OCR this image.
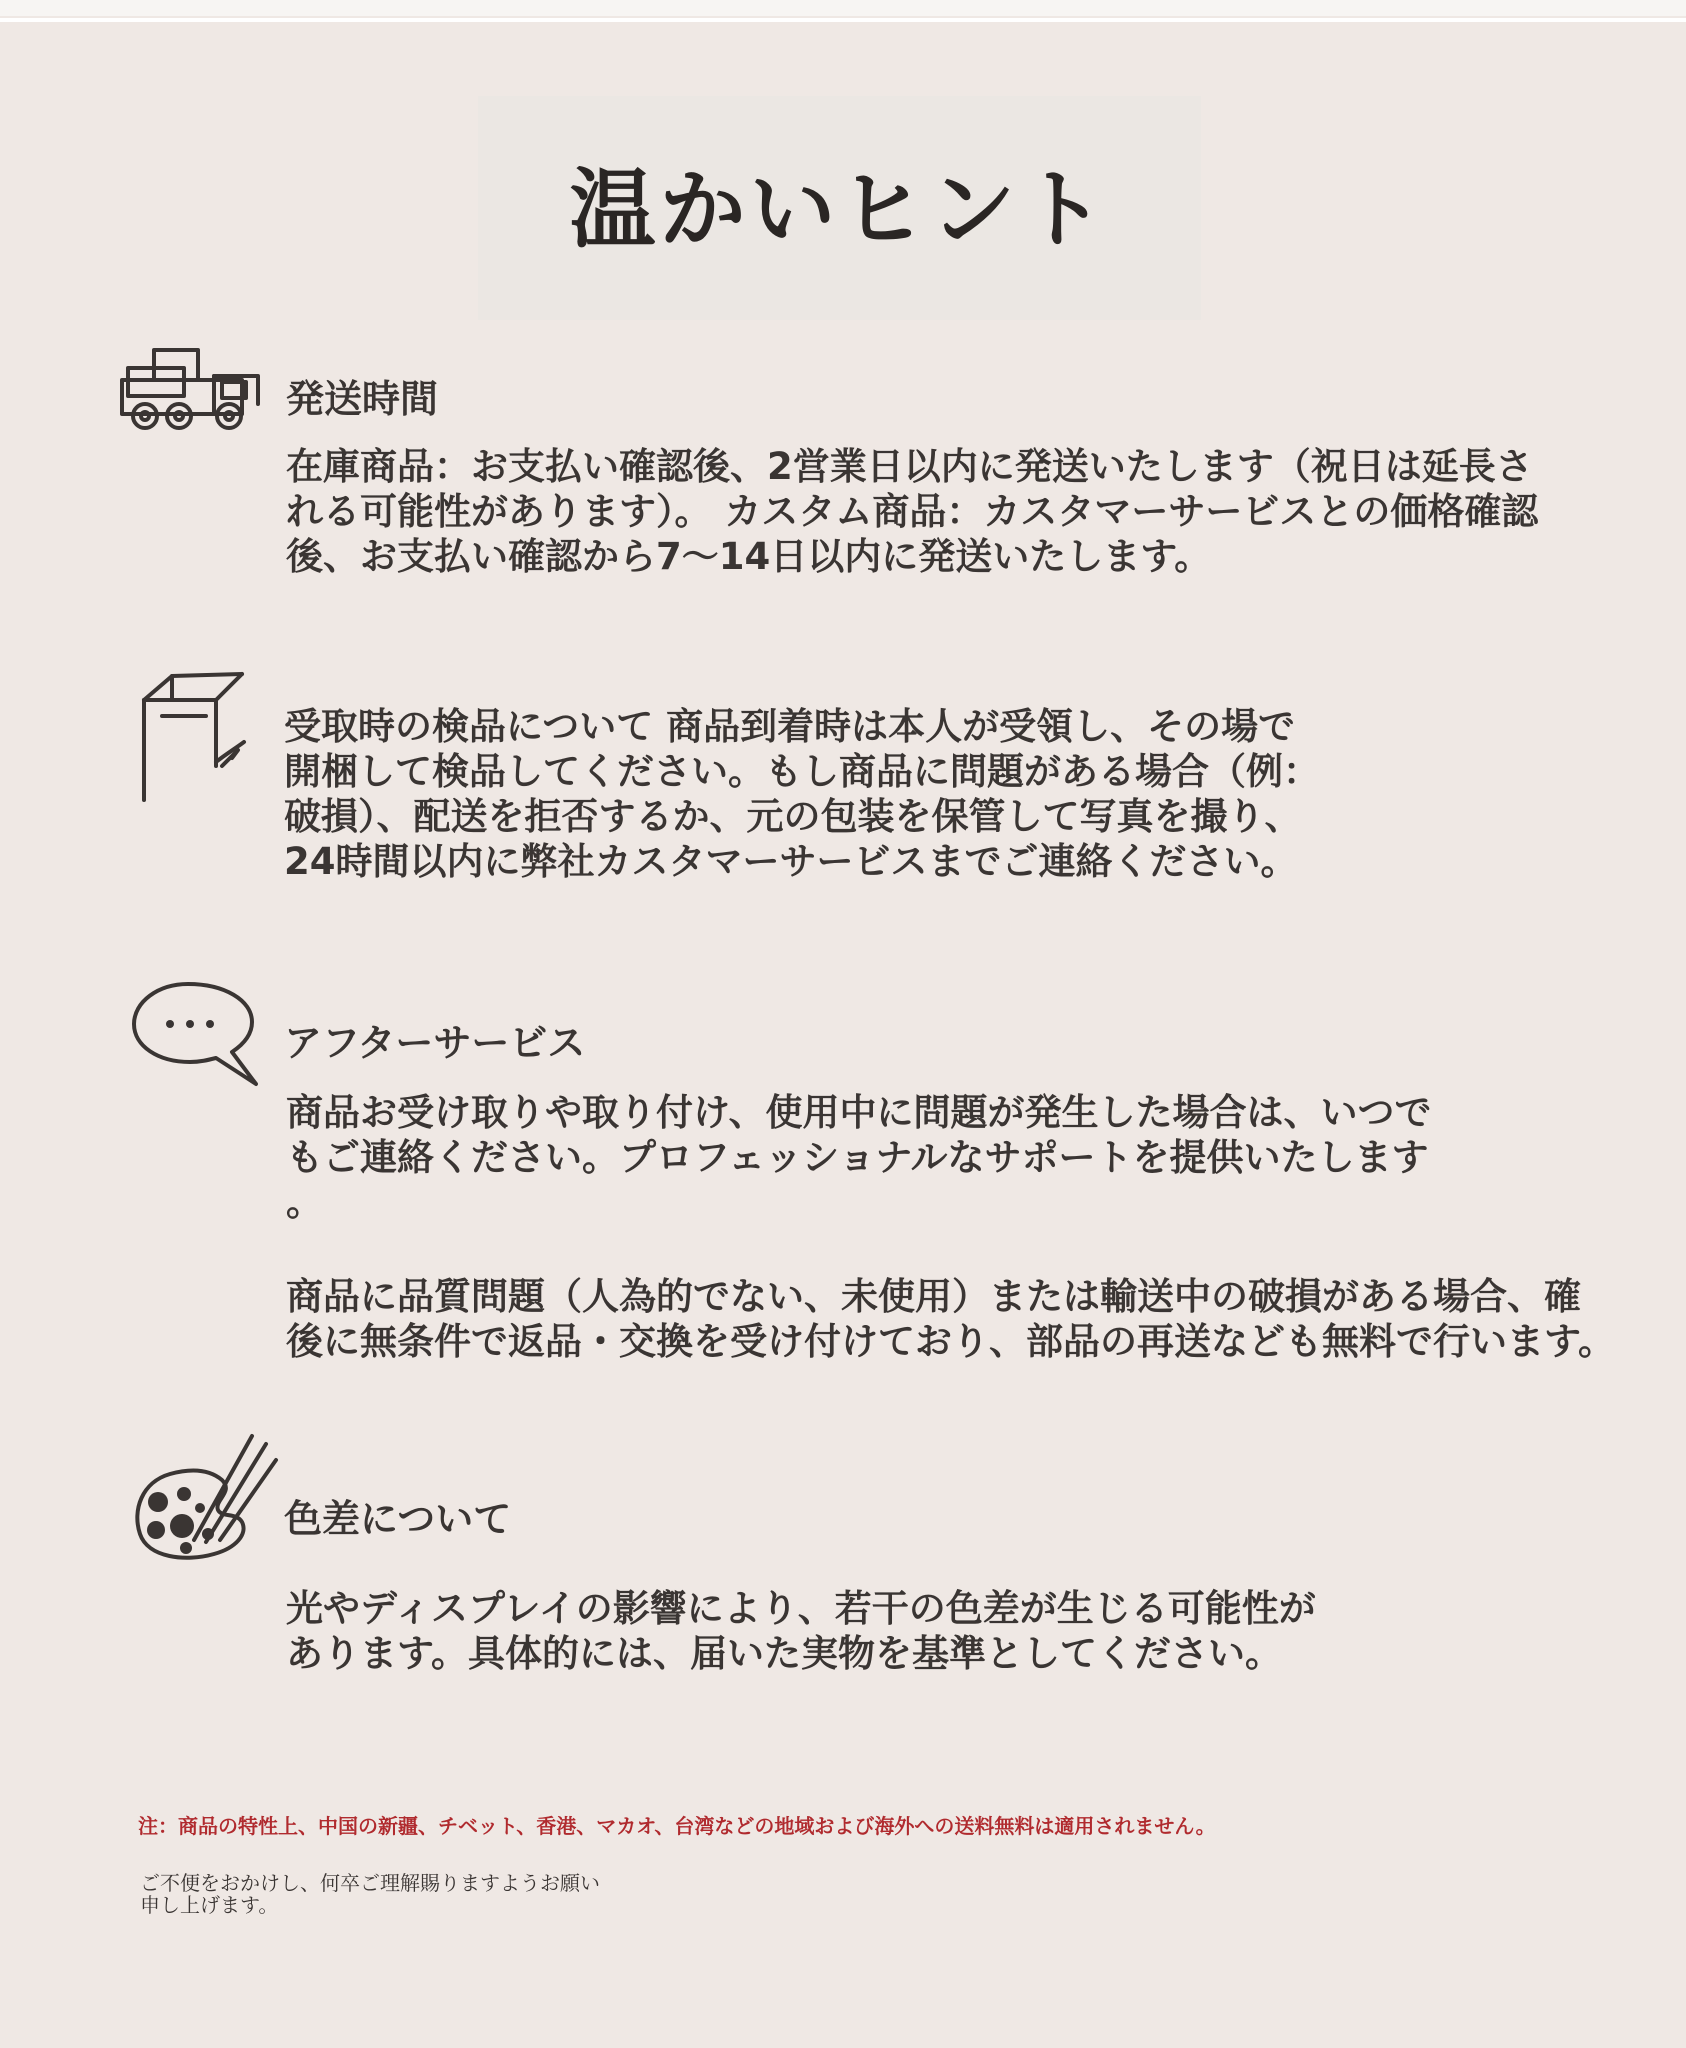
温かいヒント
発送時間
在庫商品：お支払い確認後、2営業日以内に発送いたします（祝日は延長さ
れる可能性があります）。 カスタム商品：カスタマーサービスとの価格確認
後、お支払い確認から7〜14日以内に発送いたします。
受取時の検品について 商品到着時は本人が受領し、その場で
開梱して検品してください。もし商品に問題がある場合（例：
破損）、配送を拒否するか、元の包装を保管して写真を撮り、
24時間以内に弊社カスタマーサービスまでご連絡ください。
アフターサービス
商品お受け取りや取り付け、使用中に問題が発生した場合は、いつで
もご連絡ください。プロフェッショナルなサポートを提供いたします
。
商品に品質問題（人為的でない、未使用）または輸送中の破損がある場合、確
後に無条件で返品・交換を受け付けており、部品の再送なども無料で行います。
色差について
光やディスプレイの影響により、若干の色差が生じる可能性が
あります。具体的には、届いた実物を基準としてください。
注：商品の特性上、中国の新疆、チベット、香港、マカオ、台湾などの地域および海外への送料無料は適用されません。
ご不便をおかけし、何卒ご理解賜りますようお願い
申し上げます。
